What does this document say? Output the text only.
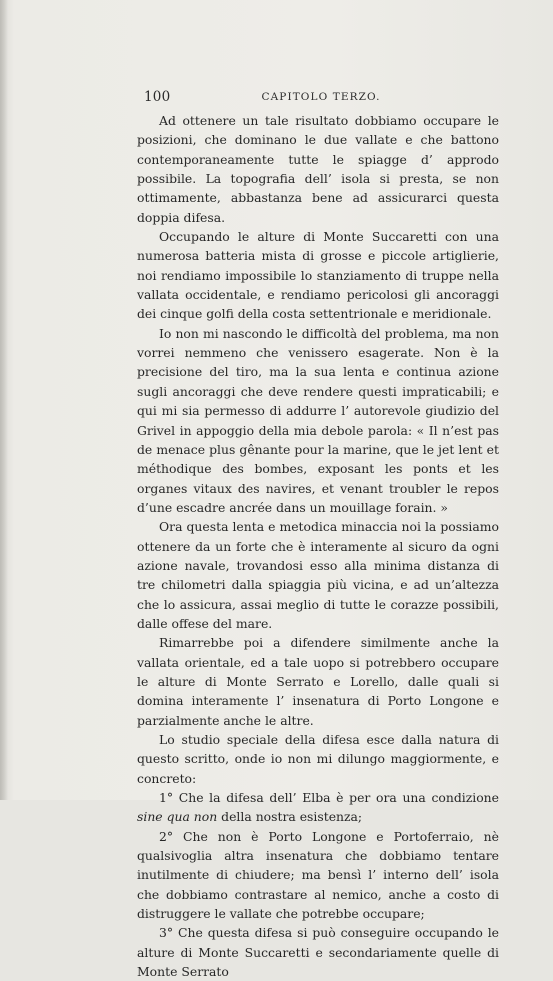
100	CAPITOLO TERZO.

Ad ottenere un tale risultato dobbiamo occupare le posizioni, che dominano le due vallate e che battono contemporaneamente tutte le spiagge d’ approdo possibile. La topografia dell’ isola si presta, se non ottimamente, abbastanza bene ad assicurarci questa doppia difesa.

Occupando le alture di Monte Succaretti con una numerosa batteria mista di grosse e piccole artiglierie, noi rendiamo impossibile lo stanziamento di truppe nella vallata occidentale, e rendiamo pericolosi gli ancoraggi dei cinque golfi della costa settentrionale e meridionale.

Io non mi nascondo le difficoltà del problema, ma non vorrei nemmeno che venissero esagerate. Non è la precisione del tiro, ma la sua lenta e continua azione sugli ancoraggi che deve rendere questi impraticabili; e qui mi sia permesso di addurre l’ autorevole giudizio del Grivel in appoggio della mia debole parola: « Il n’est pas de menace plus gênante pour la marine, que le jet lent et méthodique des bombes, exposant les ponts et les organes vitaux des navires, et venant troubler le repos d’une escadre ancrée dans un mouillage forain. »

Ora questa lenta e metodica minaccia noi la possiamo ottenere da un forte che è interamente al sicuro da ogni azione navale, trovandosi esso alla minima distanza di tre chilometri dalla spiaggia più vicina, e ad un’altezza che lo assicura, assai meglio di tutte le corazze possibili, dalle offese del mare.

Rimarrebbe poi a difendere similmente anche la vallata orientale, ed a tale uopo si potrebbero occupare le alture di Monte Serrato e Lorello, dalle quali si domina interamente l’ insenatura di Porto Longone e parzialmente anche le altre.

Lo studio speciale della difesa esce dalla natura di questo scritto, onde io non mi dilungo maggiormente, e concreto:

1° Che la difesa dell’ Elba è per ora una condizione sine qua non della nostra esistenza;

2° Che non è Porto Longone e Portoferraio, nè qualsivoglia altra insenatura che dobbiamo tentare inutilmente di chiudere; ma bensì l’ interno dell’ isola che dobbiamo contrastare al nemico, anche a costo di distruggere le vallate che potrebbe occupare;

3° Che questa difesa si può conseguire occupando le alture di Monte Succaretti e secondariamente quelle di Monte Serrato
